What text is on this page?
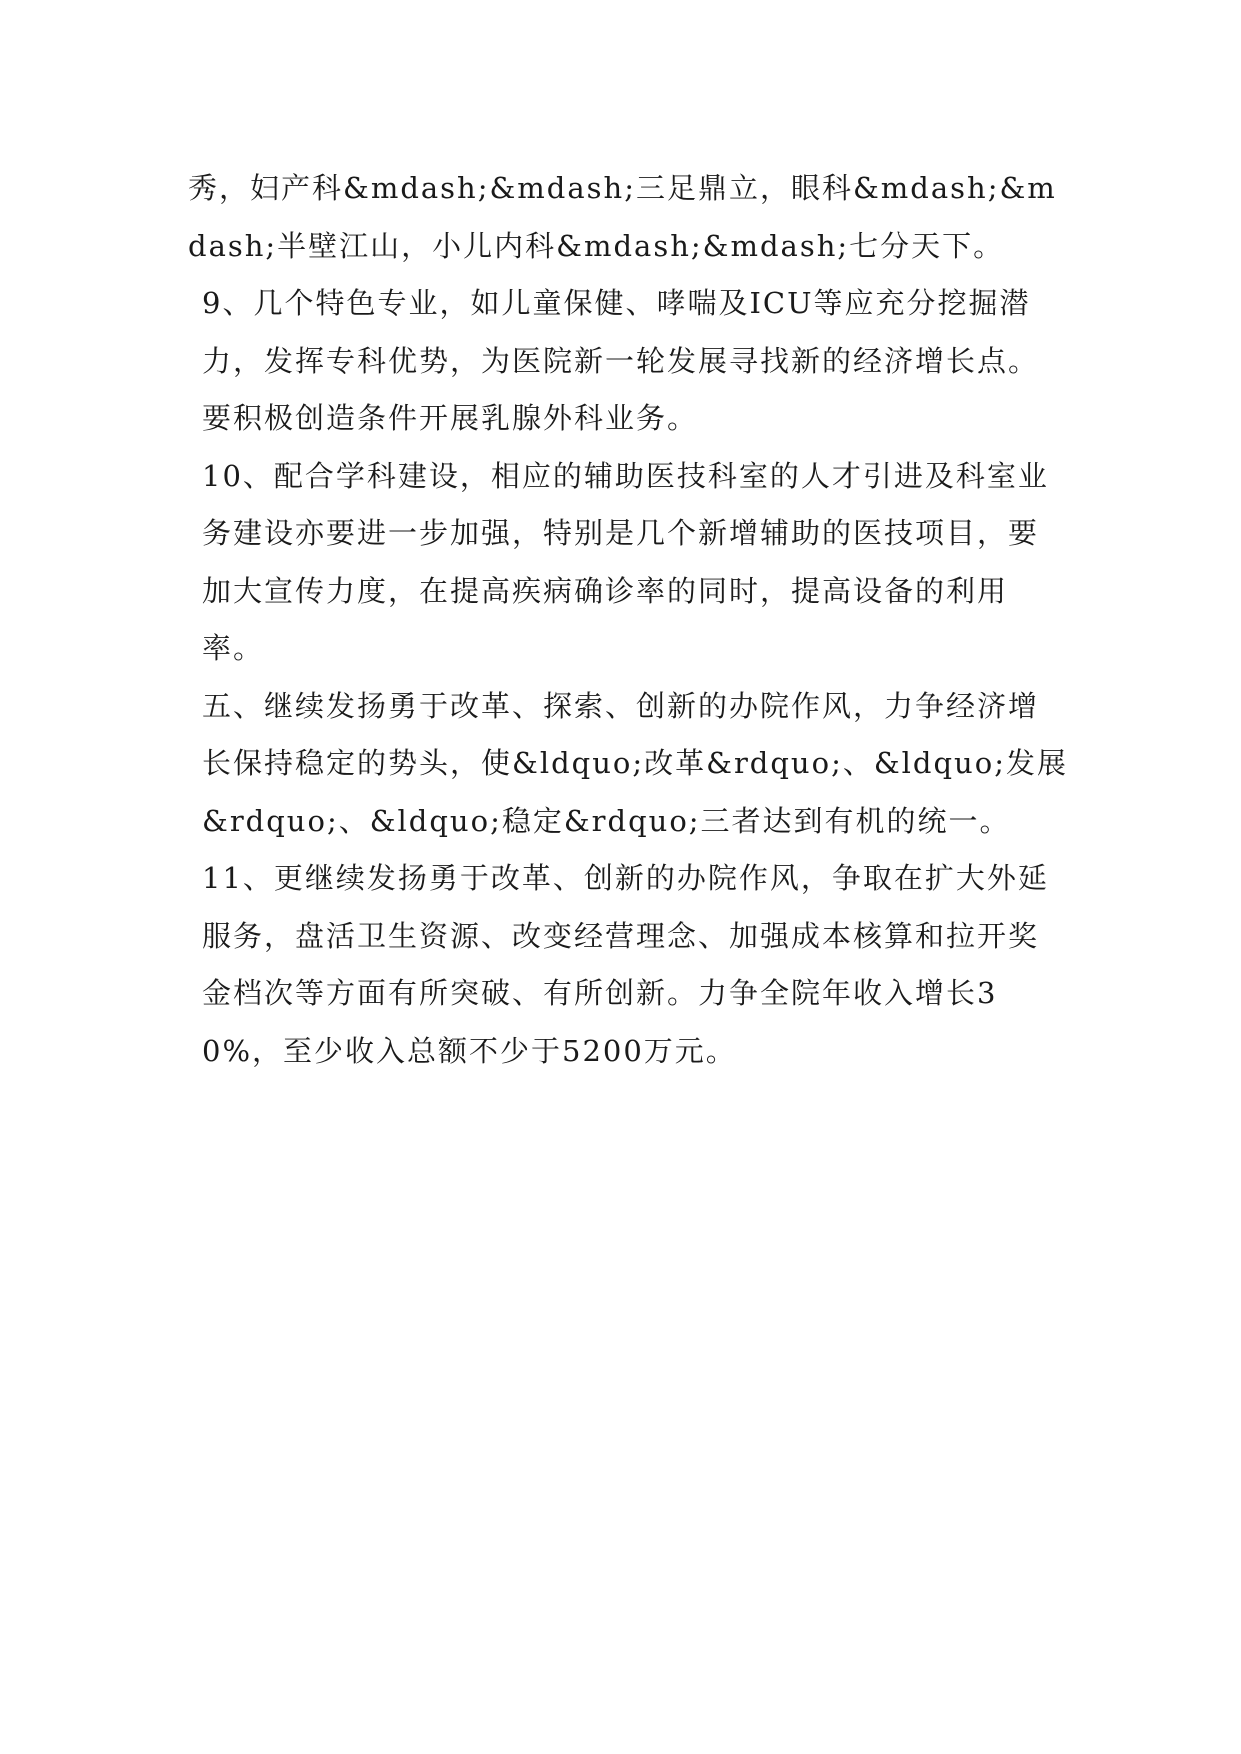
秀，妇产科&mdash;&mdash;三足鼎立，眼科&mdash;&mdash;半壁江山，小儿内科&mdash;&mdash;七分天下。

9、几个特色专业，如儿童保健、哮喘及ICU等应充分挖掘潜力，发挥专科优势，为医院新一轮发展寻找新的经济增长点。要积极创造条件开展乳腺外科业务。

10、配合学科建设，相应的辅助医技科室的人才引进及科室业务建设亦要进一步加强，特别是几个新增辅助的医技项目，要加大宣传力度，在提高疾病确诊率的同时，提高设备的利用率。

五、继续发扬勇于改革、探索、创新的办院作风，力争经济增长保持稳定的势头，使&ldquo;改革&rdquo;、&ldquo;发展&rdquo;、&ldquo;稳定&rdquo;三者达到有机的统一。

11、更继续发扬勇于改革、创新的办院作风，争取在扩大外延服务，盘活卫生资源、改变经营理念、加强成本核算和拉开奖金档次等方面有所突破、有所创新。力争全院年收入增长30%，至少收入总额不少于5200万元。
